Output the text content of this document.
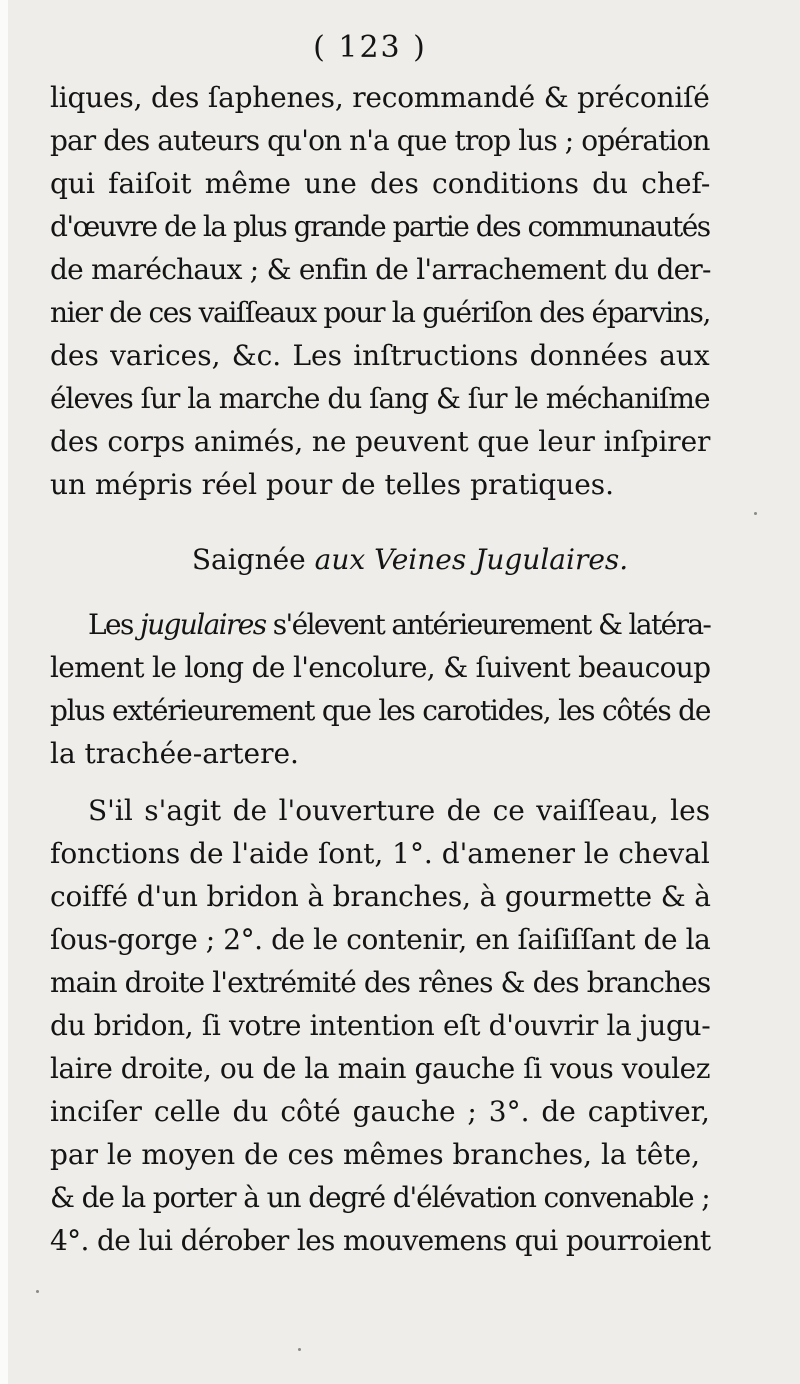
( 123 )
liques, des ſaphenes, recommandé & préconiſé
par des auteurs qu'on n'a que trop lus ; opération
qui faiſoit même une des conditions du chef-
d'œuvre de la plus grande partie des communautés
de maréchaux ; & enfin de l'arrachement du der-
nier de ces vaiſſeaux pour la guériſon des éparvins,
des varices, &c. Les inſtructions données aux
éleves ſur la marche du ſang & ſur le méchaniſme
des corps animés, ne peuvent que leur inſpirer
un mépris réel pour de telles pratiques.
Saignée aux Veines Jugulaires.
Les jugulaires s'élevent antérieurement & latéra-
lement le long de l'encolure, & ſuivent beaucoup
plus extérieurement que les carotides, les côtés de
la trachée-artere.
S'il s'agit de l'ouverture de ce vaiſſeau, les
fonctions de l'aide ſont, 1°. d'amener le cheval
coiffé d'un bridon à branches, à gourmette & à
ſous-gorge ; 2°. de le contenir, en ſaiſiſſant de la
main droite l'extrémité des rênes & des branches
du bridon, ſi votre intention eſt d'ouvrir la jugu-
laire droite, ou de la main gauche ſi vous voulez
inciſer celle du côté gauche ; 3°. de captiver,
par le moyen de ces mêmes branches, la tête,
& de la porter à un degré d'élévation convenable ;
4°. de lui dérober les mouvemens qui pourroient
